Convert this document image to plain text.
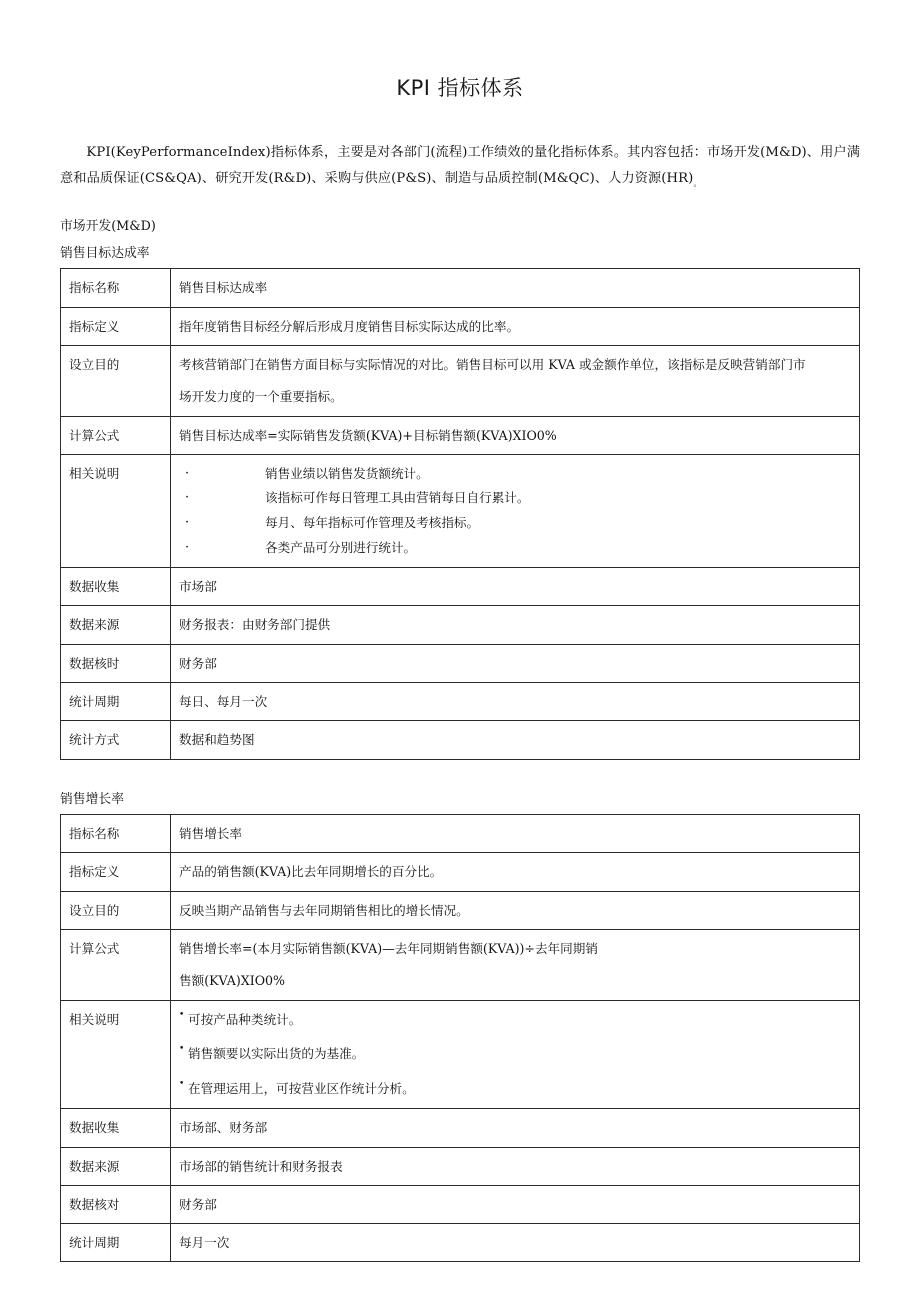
KPI 指标体系

KPI(KeyPerformanceIndex)指标体系，主要是对各部门(流程)工作绩效的量化指标体系。其内容包括：市场开发(M&D)、用户满意和品质保证(CS&QA)、研究开发(R&D)、采购与供应(P&S)、制造与品质控制(M&QC)、人力资源(HR)。

市场开发(M&D)

销售目标达成率

指标名称	销售目标达成率
指标定义	指年度销售目标经分解后形成月度销售目标实际达成的比率。
设立目的	考核营销部门在销售方面目标与实际情况的对比。销售目标可以用 KVA 或金额作单位，该指标是反映营销部门市

场开发力度的一个重要指标。

计算公式	销售目标达成率=实际销售发货额(KVA)+目标销售额(KVA)XIO0%
相关说明	
·销售业绩以销售发货额统计。
· 该指标可作每日管理工具由营销每日自行累计。
· 每月、每年指标可作管理及考核指标。
· 各类产品可分别进行统计。

数据收集	市场部
数据来源	财务报表：由财务部门提供
数据核时	财务部
统计周期	每日、每月一次
统计方式	数据和趋势图

销售增长率

指标名称	销售增长率
指标定义	产品的销售额(KVA)比去年同期增长的百分比。
设立目的	反映当期产品销售与去年同期销售相比的增长情况。
计算公式	销售增长率=(本月实际销售额(KVA)—去年同期销售额(KVA))÷去年同期销

售额(KVA)XIO0%

相关说明	
•可按产品种类统计。
• 销售额要以实际出货的为基准。
• 在管理运用上，可按营业区作统计分析。

数据收集	市场部、财务部
数据来源	市场部的销售统计和财务报表
数据核对	财务部
统计周期	每月一次
